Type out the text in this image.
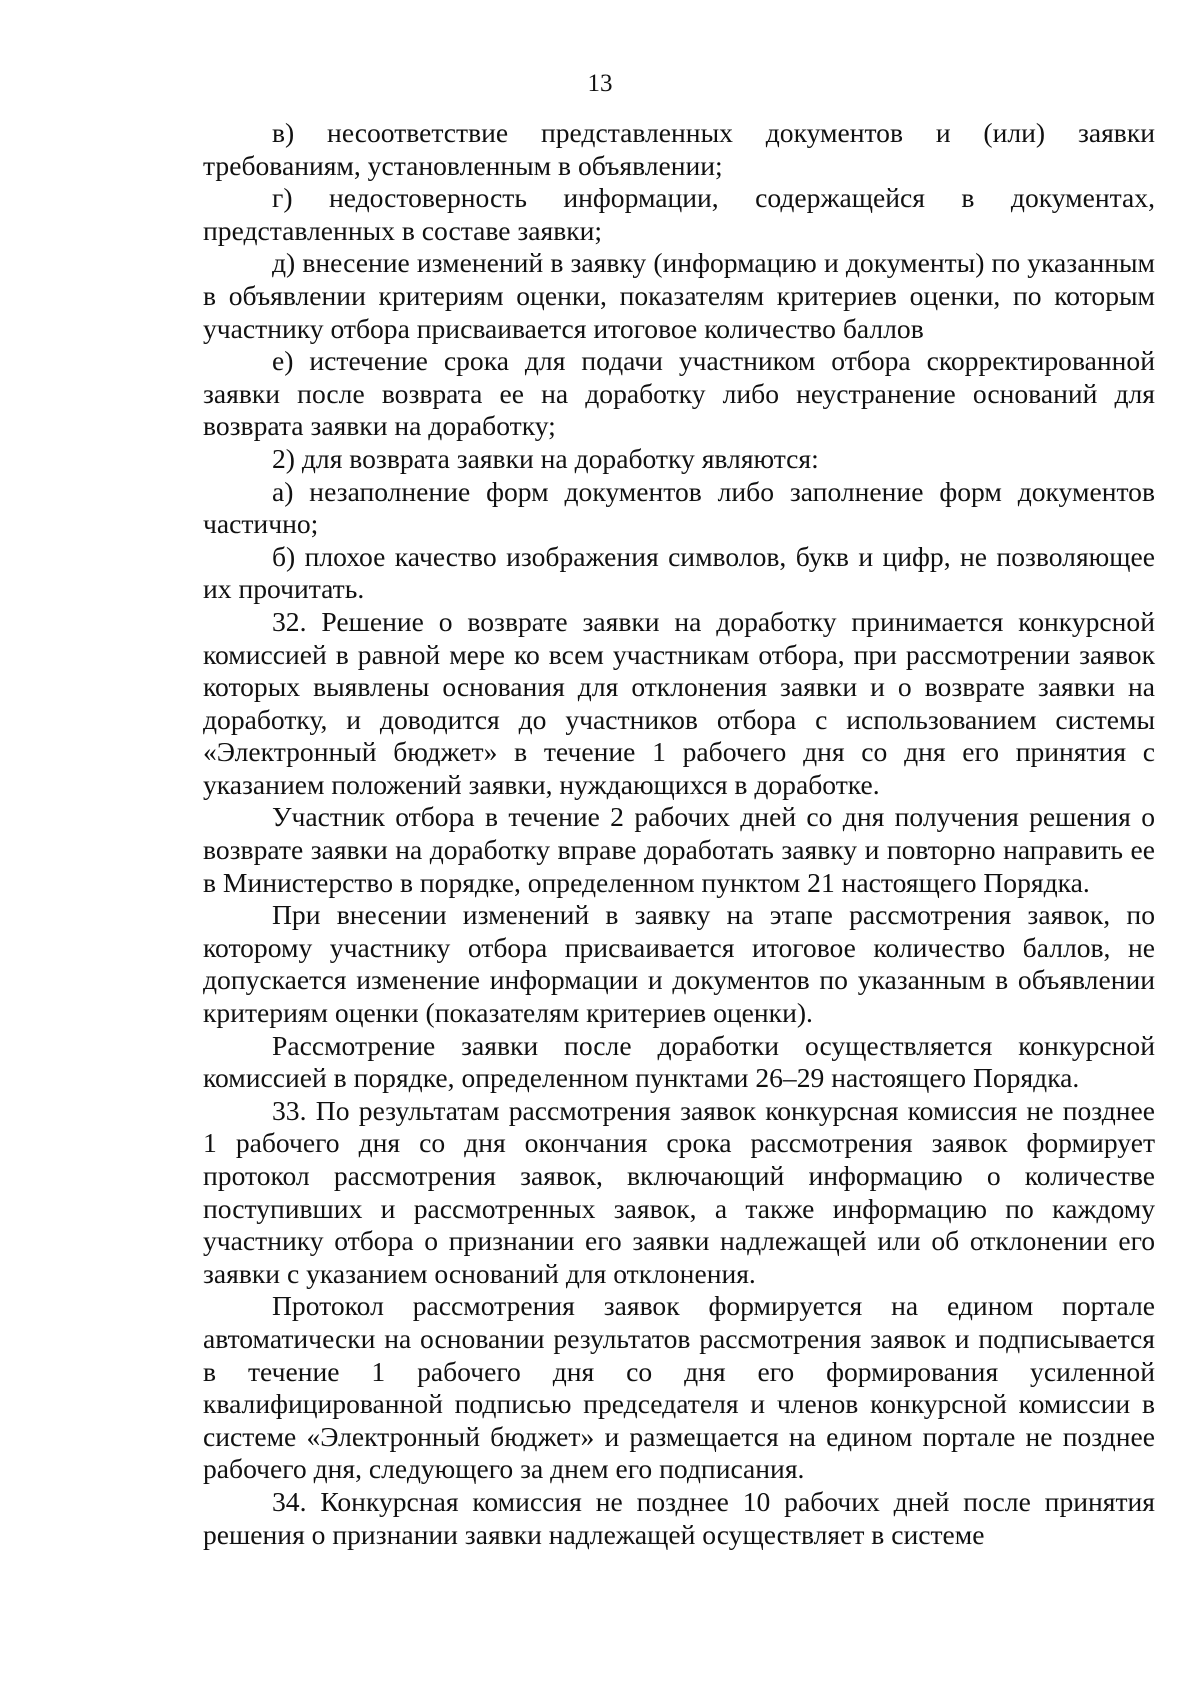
13

в) несоответствие представленных документов и (или) заявки требованиям, установленным в объявлении;

г) недостоверность информации, содержащейся в документах, представленных в составе заявки;

д) внесение изменений в заявку (информацию и документы) по указанным в объявлении критериям оценки, показателям критериев оценки, по которым участнику отбора присваивается итоговое количество баллов

е) истечение срока для подачи участником отбора скорректированной заявки после возврата ее на доработку либо неустранение оснований для возврата заявки на доработку;

2) для возврата заявки на доработку являются:

а) незаполнение форм документов либо заполнение форм документов частично;

б) плохое качество изображения символов, букв и цифр, не позволяющее их прочитать.

32. Решение о возврате заявки на доработку принимается конкурсной комиссией в равной мере ко всем участникам отбора, при рассмотрении заявок которых выявлены основания для отклонения заявки и о возврате заявки на доработку, и доводится до участников отбора с использованием системы «Электронный бюджет» в течение 1 рабочего дня со дня его принятия с указанием положений заявки, нуждающихся в доработке.

Участник отбора в течение 2 рабочих дней со дня получения решения о возврате заявки на доработку вправе доработать заявку и повторно направить ее в Министерство в порядке, определенном пунктом 21 настоящего Порядка.

При внесении изменений в заявку на этапе рассмотрения заявок, по которому участнику отбора присваивается итоговое количество баллов, не допускается изменение информации и документов по указанным в объявлении критериям оценки (показателям критериев оценки).

Рассмотрение заявки после доработки осуществляется конкурсной комиссией в порядке, определенном пунктами 26–29 настоящего Порядка.

33. По результатам рассмотрения заявок конкурсная комиссия не позднее 1 рабочего дня со дня окончания срока рассмотрения заявок формирует протокол рассмотрения заявок, включающий информацию о количестве поступивших и рассмотренных заявок, а также информацию по каждому участнику отбора о признании его заявки надлежащей или об отклонении его заявки с указанием оснований для отклонения.

Протокол рассмотрения заявок формируется на едином портале автоматически на основании результатов рассмотрения заявок и подписывается в течение 1 рабочего дня со дня его формирования усиленной квалифицированной подписью председателя и членов конкурсной комиссии в системе «Электронный бюджет» и размещается на едином портале не позднее рабочего дня, следующего за днем его подписания.

34. Конкурсная комиссия не позднее 10 рабочих дней после принятия решения о признании заявки надлежащей осуществляет в системе
